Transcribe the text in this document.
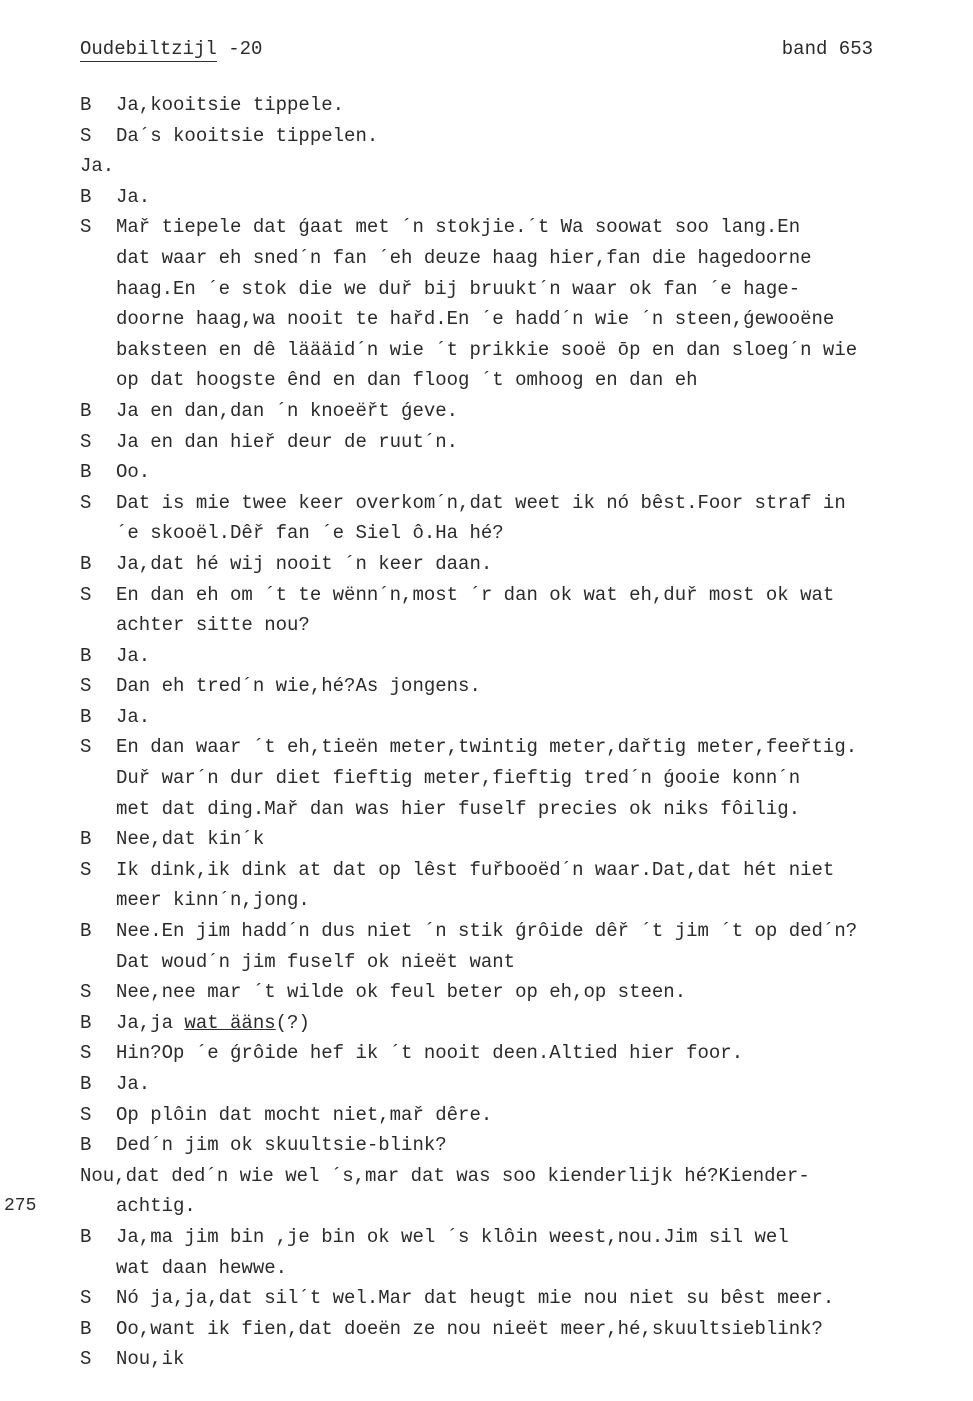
Oudebiltzijl -20	band 653
B	Ja,kooitsie tippele.
S	Da´s kooitsie tippelen.
Ja.
B	Ja.
S	Mař tiepele dat ǵaat met ´n stokjie.´t Wa soowat soo lang.En
dat waar eh sned´n fan ´eh deuze haag hier,fan die hagedoorne
haag.En ´e stok die we duř bij bruukt´n waar ok fan ´e hage-
doorne haag,wa nooit te hařd.En ´e hadd´n wie ´n steen,ǵewooëne
baksteen en dê läääid´n wie ´t prikkie sooë ōp en dan sloeg´n wie
op dat hoogste ênd en dan floog ´t omhoog en dan eh
B	Ja en dan,dan ´n knoeëřt ǵeve.
S	Ja en dan hieř deur de ruut´n.
B	Oo.
S	Dat is mie twee keer overkom´n,dat weet ik nó bêst.Foor straf in
´e skooël.Dêř fan ´e Siel ô.Ha hé?
B	Ja,dat hé wij nooit ´n keer daan.
S	En dan eh om ´t te wënn´n,most ´r dan ok wat eh,duř most ok wat
achter sitte nou?
B	Ja.
S	Dan eh tred´n wie,hé?As jongens.
B	Ja.
S	En dan waar ´t eh,tieën meter,twintig meter,dařtig meter,feeřtig.
Duř war´n dur diet fieftig meter,fieftig tred´n ǵooie konn´n
met dat ding.Mař dan was hier fuself precies ok niks fôilig.
B	Nee,dat kin´k
S	Ik dink,ik dink at dat op lêst fuřbooëd´n waar.Dat,dat hét niet
meer kinn´n,jong.
B	Nee.En jim hadd´n dus niet ´n stik ǵrôide dêř ´t jim ´t op ded´n?
Dat woud´n jim fuself ok nieët want
S	Nee,nee mar ´t wilde ok feul beter op eh,op steen.
B	Ja,ja wat ääns(?)
S	Hin?Op ´e ǵrôide hef ik ´t nooit deen.Altied hier foor.
B	Ja.
S	Op plôin dat mocht niet,mař dêre.
B	Ded´n jim ok skuultsie-blink?
Nou,dat ded´n wie wel ´s,mar dat was soo kienderlijk hé?Kiender-
achtig.
275
B	Ja,ma jim bin ,je bin ok wel ´s klôin weest,nou.Jim sil wel
wat daan hewwe.
S	Nó ja,ja,dat sil´t wel.Mar dat heugt mie nou niet su bêst meer.
B	Oo,want ik fien,dat doeën ze nou nieët meer,hé,skuultsieblink?
S	Nou,ik
